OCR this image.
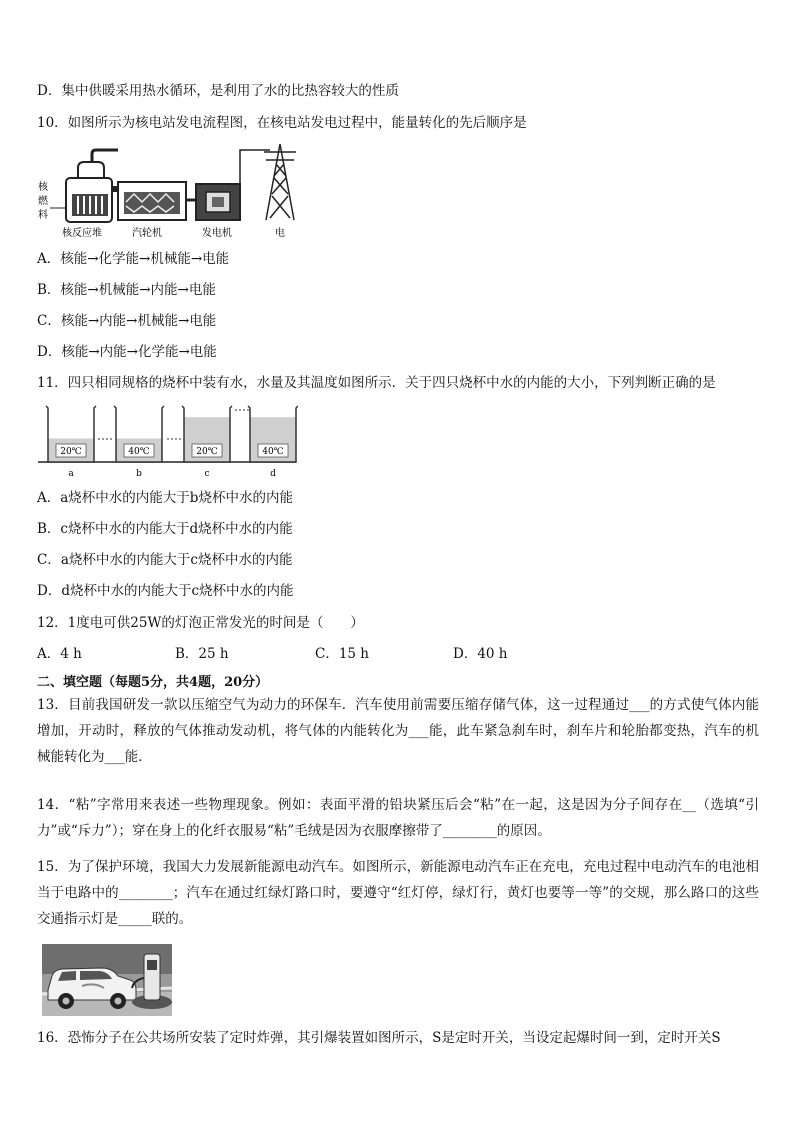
D．集中供暖采用热水循环，是利用了水的比热容较大的性质
10．如图所示为核电站发电流程图，在核电站发电过程中，能量转化的先后顺序是
核
燃
料
核反应堆	汽轮机	发电机	电
A．核能→化学能→机械能→电能
B．核能→机械能→内能→电能
C．核能→内能→机械能→电能
D．核能→内能→化学能→电能
11．四只相同规格的烧杯中装有水，水量及其温度如图所示．关于四只烧杯中水的内能的大小，下列判断正确的是
20℃
a
40℃
b
20℃
c
40℃
d
A．a烧杯中水的内能大于b烧杯中水的内能
B．c烧杯中水的内能大于d烧杯中水的内能
C．a烧杯中水的内能大于c烧杯中水的内能
D．d烧杯中水的内能大于c烧杯中水的内能
12．1度电可供25W的灯泡正常发光的时间是（　　）
A．4 h	B．25 h	C．15 h	D．40 h
二、填空题（每题5分，共4题，20分）
13．目前我国研发一款以压缩空气为动力的环保车．汽车使用前需要压缩存储气体，这一过程通过___的方式使气体内能增加，开动时，释放的气体推动发动机，将气体的内能转化为___能，此车紧急刹车时，刹车片和轮胎都变热，汽车的机械能转化为___能．
14．“粘”字常用来表述一些物理现象。例如：表面平滑的铅块紧压后会“粘”在一起，这是因为分子间存在__（选填“引力”或“斥力”）；穿在身上的化纤衣服易“粘”毛绒是因为衣服摩擦带了________的原因。
15．为了保护环境，我国大力发展新能源电动汽车。如图所示，新能源电动汽车正在充电，充电过程中电动汽车的电池相当于电路中的________；汽车在通过红绿灯路口时，要遵守“红灯停，绿灯行，黄灯也要等一等”的交规，那么路口的这些交通指示灯是_____联的。
16．恐怖分子在公共场所安装了定时炸弹，其引爆装置如图所示，S是定时开关，当设定起爆时间一到，定时开关S
